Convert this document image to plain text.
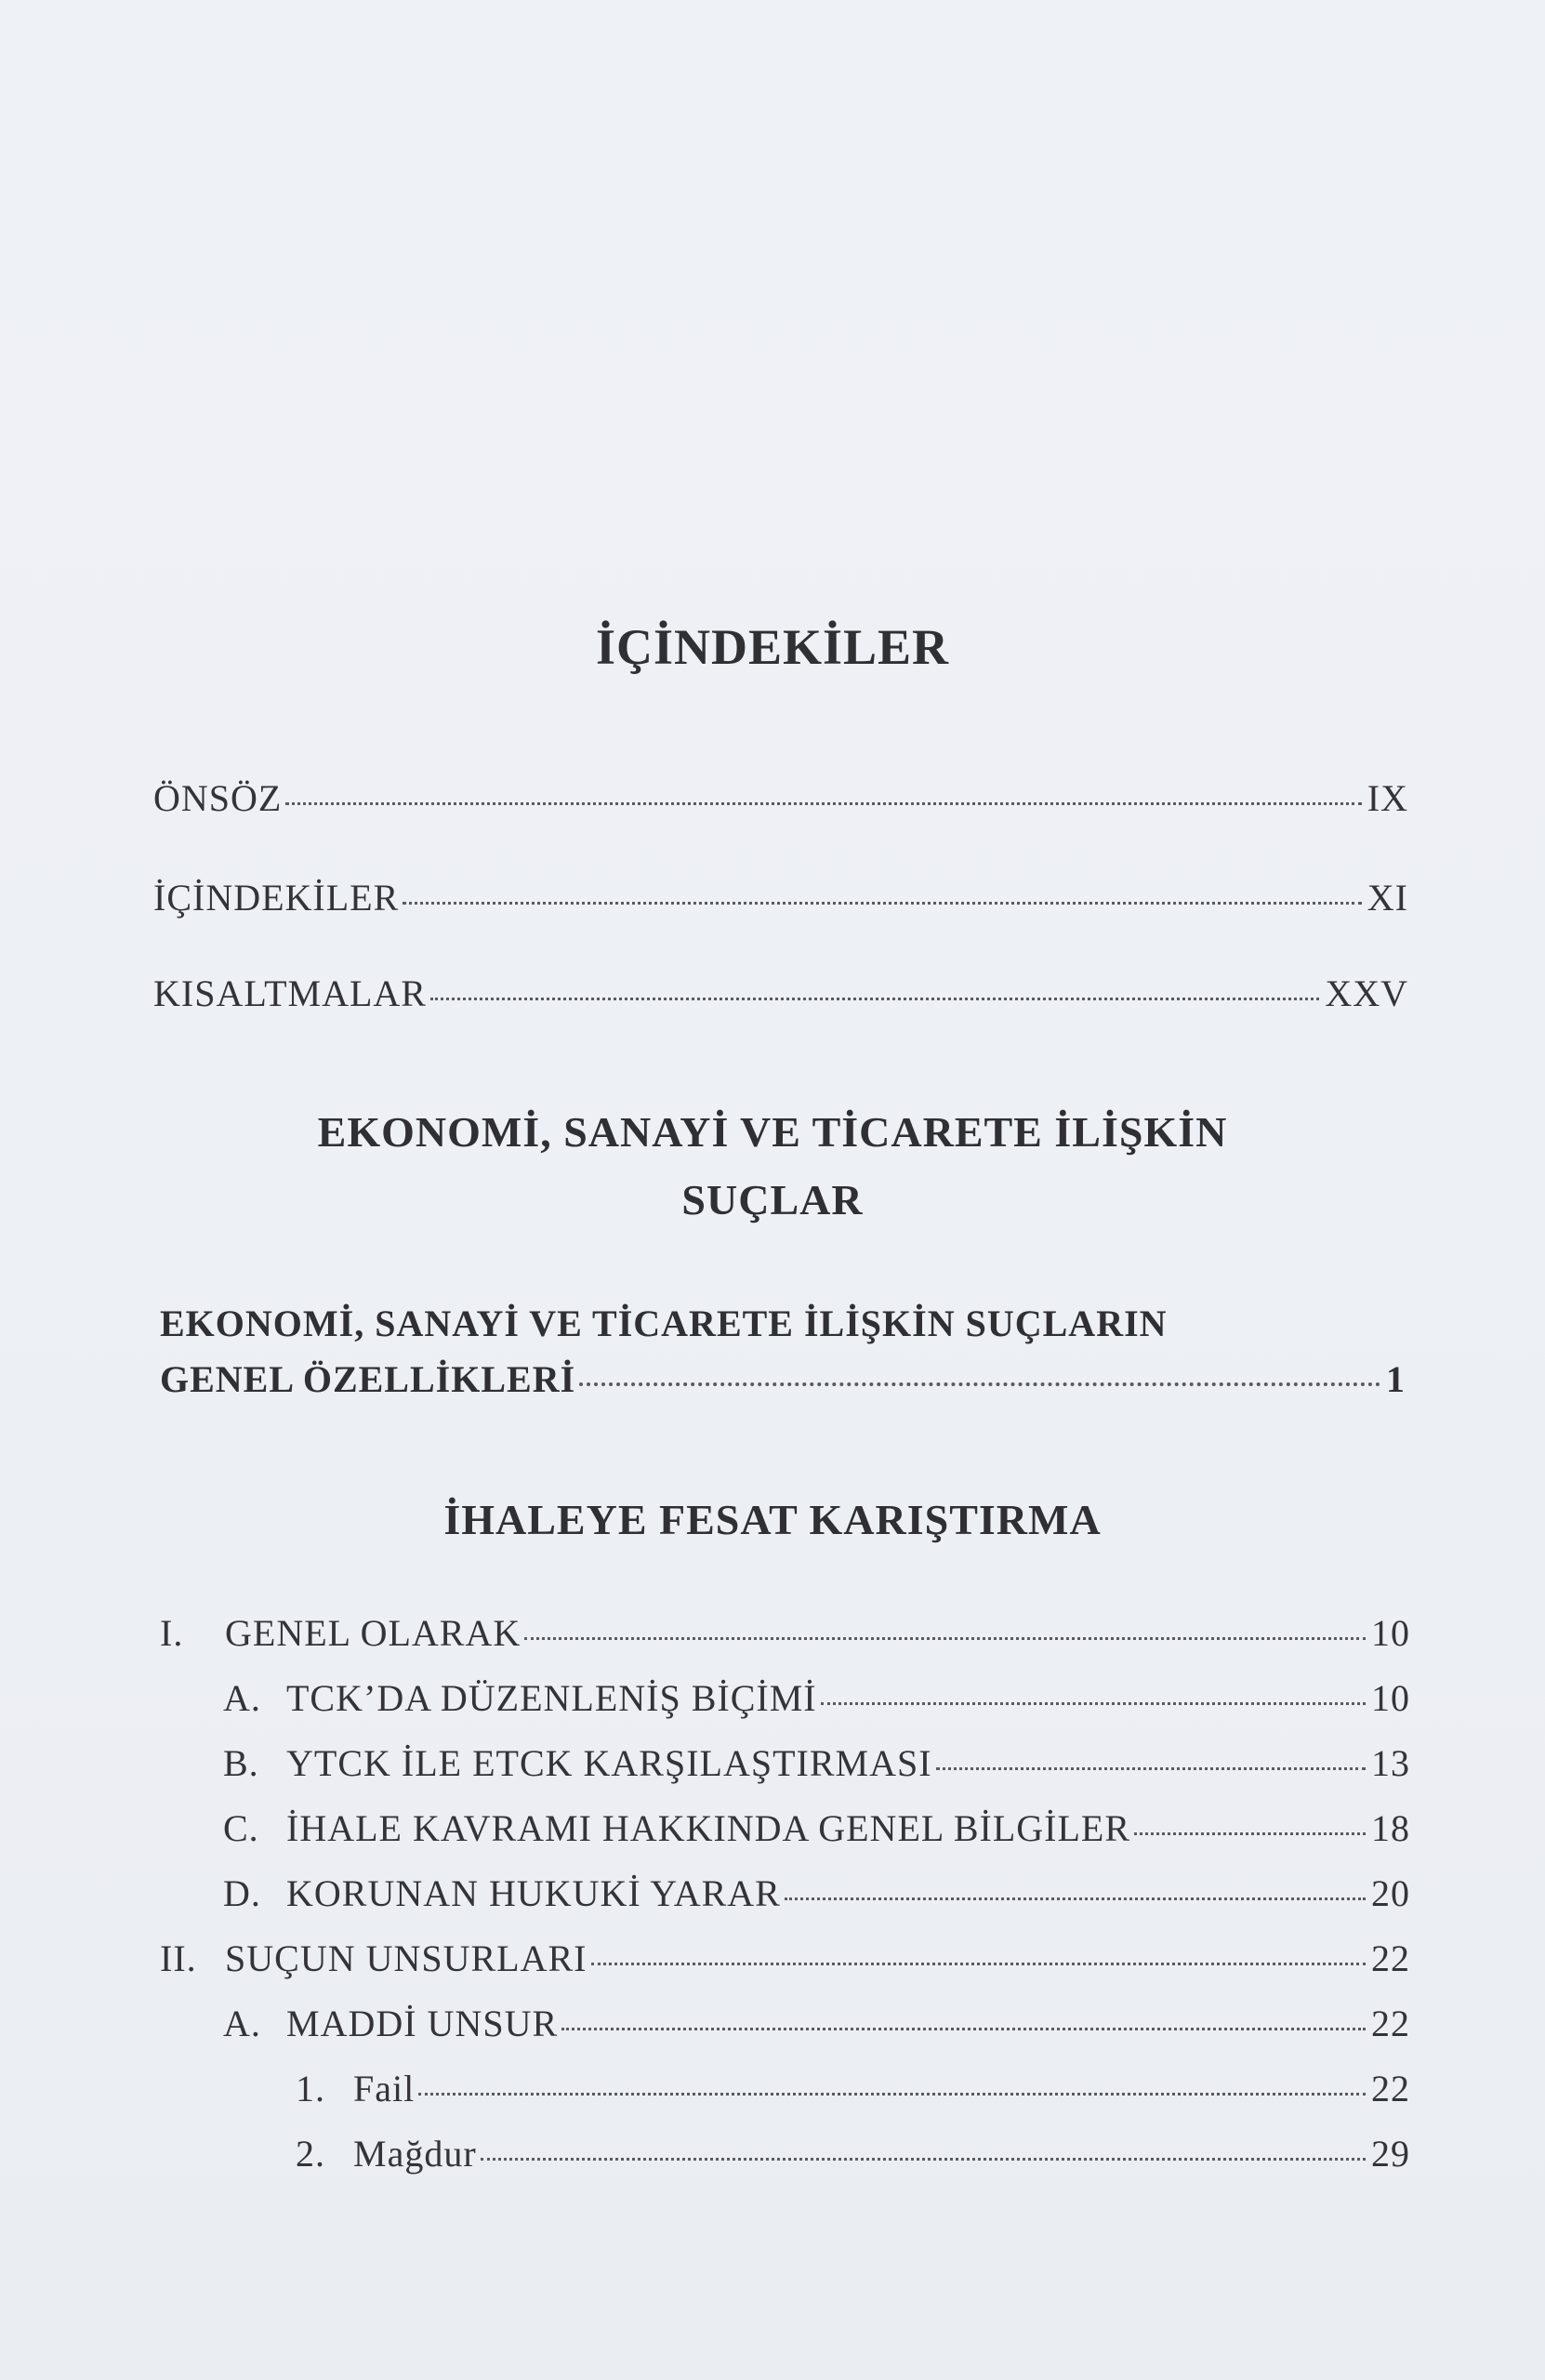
İÇİNDEKİLER
ÖNSÖZ	IX
İÇİNDEKİLER	XI
KISALTMALAR	XXV
EKONOMİ, SANAYİ VE TİCARETE İLİŞKİN
SUÇLAR
EKONOMİ, SANAYİ VE TİCARETE İLİŞKİN SUÇLARIN
GENEL ÖZELLİKLERİ	1
İHALEYE FESAT KARIŞTIRMA
I.	GENEL OLARAK	10
A. TCK’DA DÜZENLENİŞ BİÇİMİ	10
B. YTCK İLE ETCK KARŞILAŞTIRMASI	13
C. İHALE KAVRAMI HAKKINDA GENEL BİLGİLER	18
D. KORUNAN HUKUKİ YARAR	20
II. SUÇUN UNSURLARI	22
A. MADDİ UNSUR	22
1. Fail	22
2. Mağdur	29
